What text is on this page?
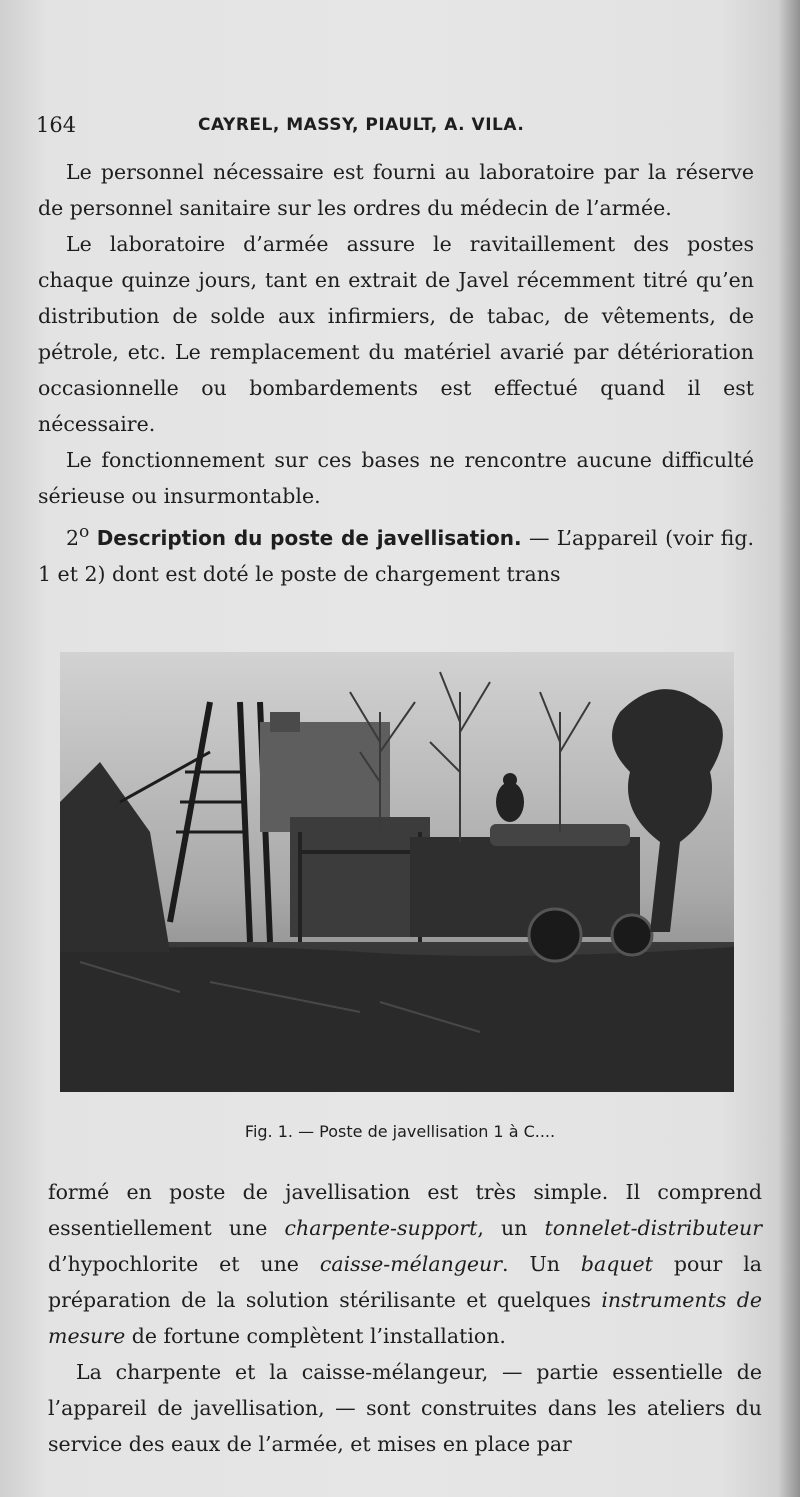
164	CAYREL, MASSY, PIAULT, A. VILA.

Le personnel nécessaire est fourni au laboratoire par la réserve de personnel sanitaire sur les ordres du médecin de l’armée.

Le laboratoire d’armée assure le ravitaillement des postes chaque quinze jours, tant en extrait de Javel récemment titré qu’en distribution de solde aux infirmiers, de tabac, de vêtements, de pétrole, etc. Le remplacement du matériel avarié par détérioration occasionnelle ou bombardements est effectué quand il est nécessaire.

Le fonctionnement sur ces bases ne rencontre aucune difficulté sérieuse ou insurmontable.

2$^o$ Description du poste de javellisation. — L’appareil (voir fig. 1 et 2) dont est doté le poste de chargement trans

Fig. 1. — Poste de javellisation 1 à C....

formé en poste de javellisation est très simple. Il comprend essentiellement une charpente-support, un tonnelet-distributeur d’hypochlorite et une caisse-mélangeur. Un baquet pour la préparation de la solution stérilisante et quelques instruments de mesure de fortune complètent l’installation.

La charpente et la caisse-mélangeur, — partie essentielle de l’appareil de javellisation, — sont construites dans les ateliers du service des eaux de l’armée, et mises en place par
